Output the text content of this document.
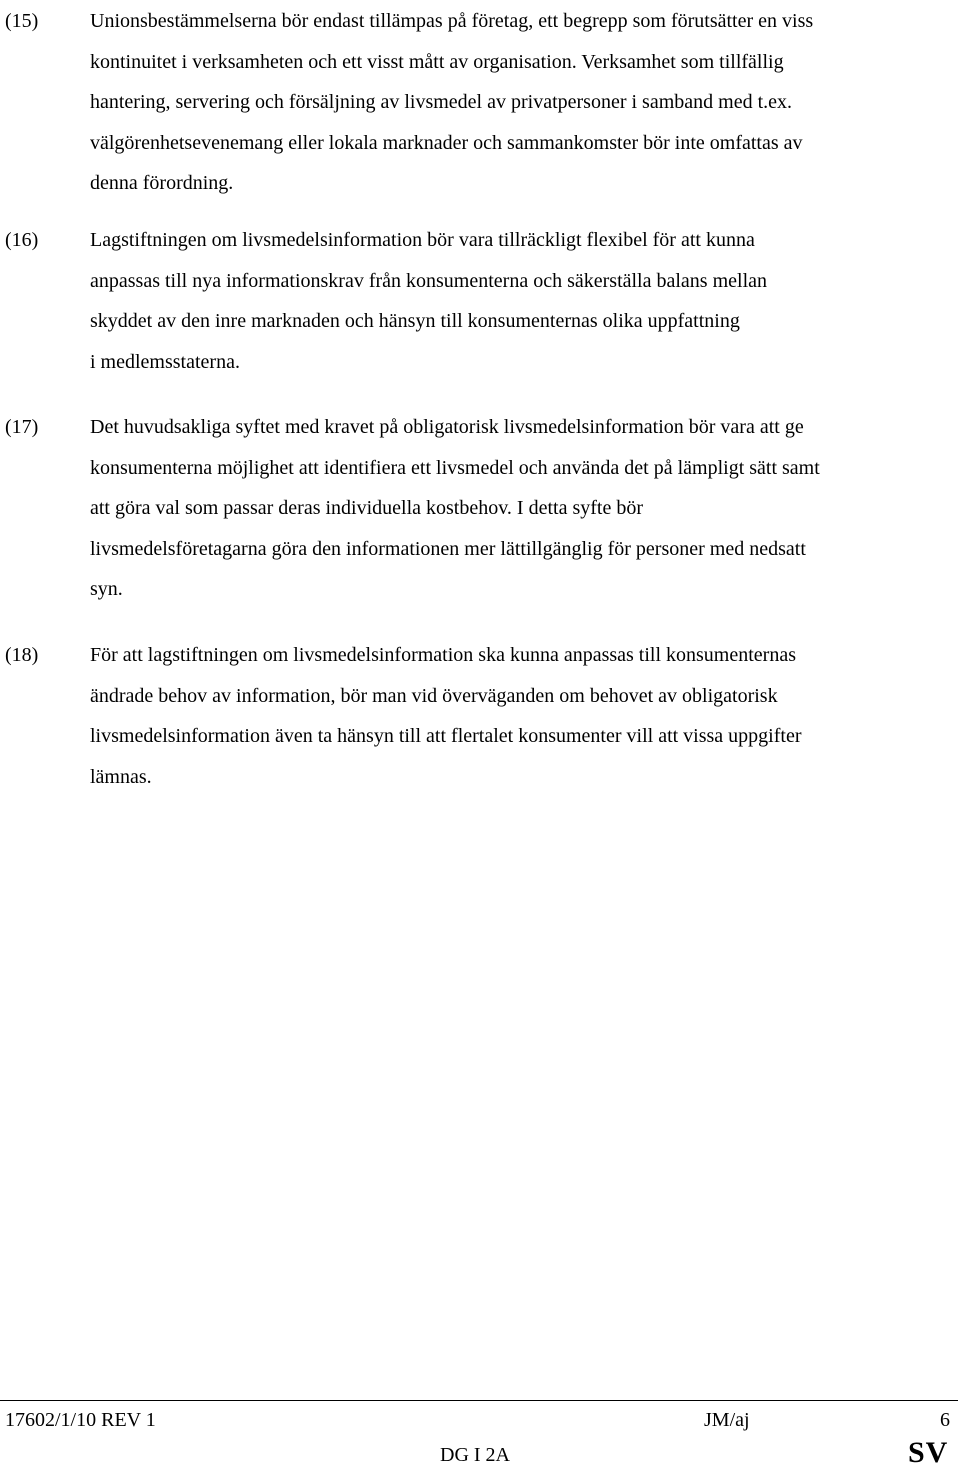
(15)	Unionsbestämmelserna bör endast tillämpas på företag, ett begrepp som förutsätter en viss
kontinuitet i verksamheten och ett visst mått av organisation. Verksamhet som tillfällig
hantering, servering och försäljning av livsmedel av privatpersoner i samband med t.ex.
välgörenhetsevenemang eller lokala marknader och sammankomster bör inte omfattas av
denna förordning.
(16)	Lagstiftningen om livsmedelsinformation bör vara tillräckligt flexibel för att kunna
anpassas till nya informationskrav från konsumenterna och säkerställa balans mellan
skyddet av den inre marknaden och hänsyn till konsumenternas olika uppfattning
i medlemsstaterna.
(17)	Det huvudsakliga syftet med kravet på obligatorisk livsmedelsinformation bör vara att ge
konsumenterna möjlighet att identifiera ett livsmedel och använda det på lämpligt sätt samt
att göra val som passar deras individuella kostbehov. I detta syfte bör
livsmedelsföretagarna göra den informationen mer lättillgänglig för personer med nedsatt
syn.
(18)	För att lagstiftningen om livsmedelsinformation ska kunna anpassas till konsumenternas
ändrade behov av information, bör man vid överväganden om behovet av obligatorisk
livsmedelsinformation även ta hänsyn till att flertalet konsumenter vill att vissa uppgifter
lämnas.
17602/1/10 REV 1	JM/aj	6
DG I 2A	SV
